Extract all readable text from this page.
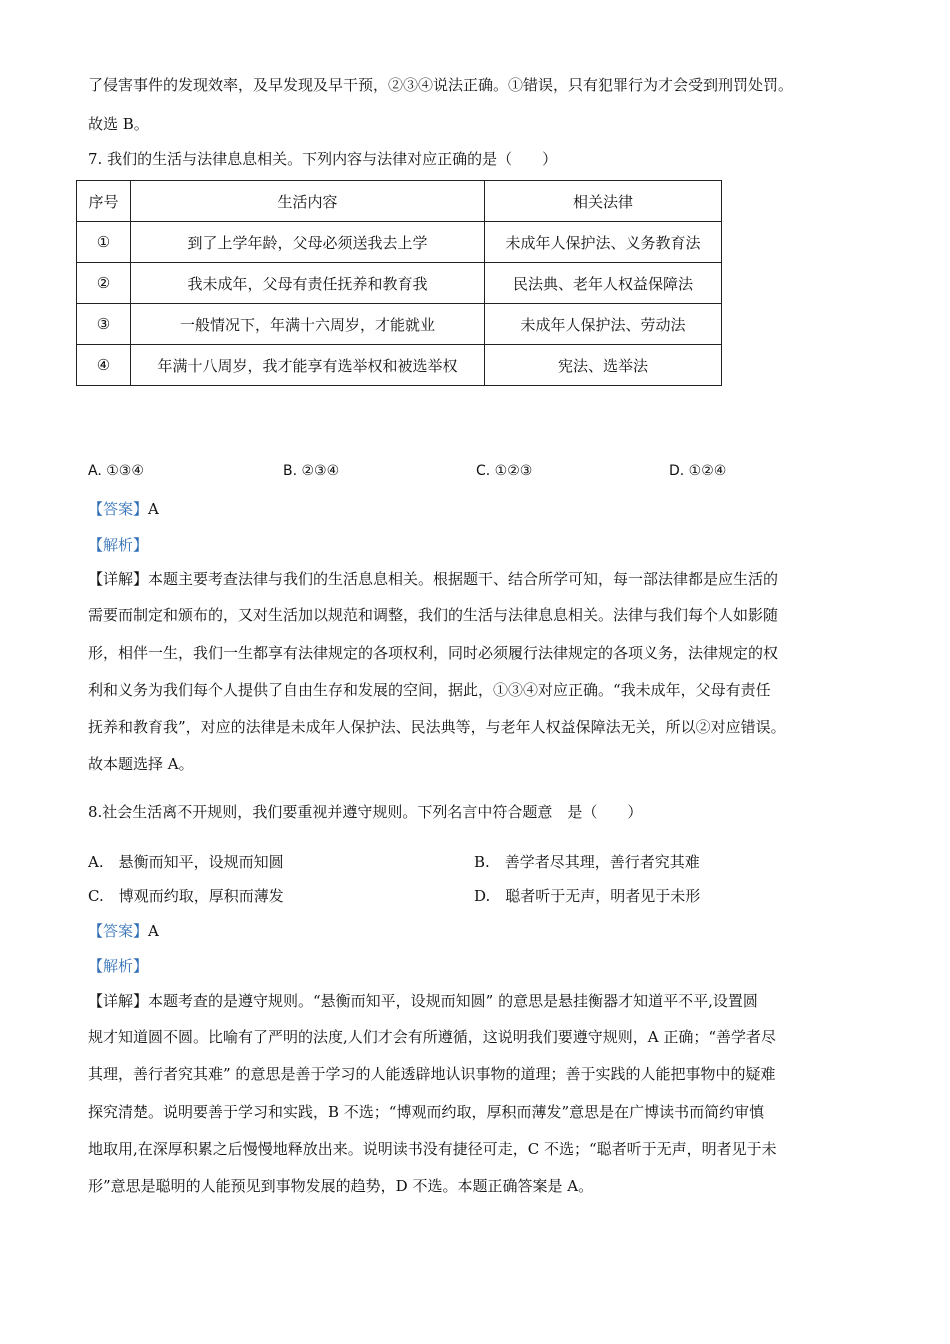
了侵害事件的发现效率，及早发现及早干预，②③④说法正确。①错误，只有犯罪行为才会受到刑罚处罚。
故选 B。
7. 我们的生活与法律息息相关。下列内容与法律对应正确的是（　　）
序号	生活内容	相关法律
①	到了上学年龄，父母必须送我去上学	未成年人保护法、义务教育法
②	我未成年，父母有责任抚养和教育我	民法典、老年人权益保障法
③	一般情况下，年满十六周岁，才能就业	未成年人保护法、劳动法
④	年满十八周岁，我才能享有选举权和被选举权	宪法、选举法
A. ①③④	B. ②③④	C. ①②③	D. ①②④
【答案】A
【解析】
【详解】本题主要考查法律与我们的生活息息相关。根据题干、结合所学可知，每一部法律都是应生活的
需要而制定和颁布的，又对生活加以规范和调整，我们的生活与法律息息相关。法律与我们每个人如影随
形，相伴一生，我们一生都享有法律规定的各项权利，同时必须履行法律规定的各项义务，法律规定的权
利和义务为我们每个人提供了自由生存和发展的空间，据此，①③④对应正确。“我未成年，父母有责任
抚养和教育我”，对应的法律是未成年人保护法、民法典等，与老年人权益保障法无关，所以②对应错误。
故本题选择 A。
8.社会生活离不开规则，我们要重视并遵守规则。下列名言中符合题意　是（　　）
A.　悬衡而知平，设规而知圆	B.　善学者尽其理，善行者究其难
C.　博观而约取，厚积而薄发	D.　聪者听于无声，明者见于未形
【答案】A
【解析】
【详解】本题考查的是遵守规则。“悬衡而知平，设规而知圆” 的意思是悬挂衡器才知道平不平,设置圆
规才知道圆不圆。比喻有了严明的法度,人们才会有所遵循，这说明我们要遵守规则，A 正确；“善学者尽
其理，善行者究其难” 的意思是善于学习的人能透辟地认识事物的道理；善于实践的人能把事物中的疑难
探究清楚。说明要善于学习和实践，B 不选；“博观而约取，厚积而薄发”意思是在广博读书而简约审慎
地取用,在深厚积累之后慢慢地释放出来。说明读书没有捷径可走，C 不选；“聪者听于无声，明者见于未
形”意思是聪明的人能预见到事物发展的趋势，D 不选。本题正确答案是 A。
